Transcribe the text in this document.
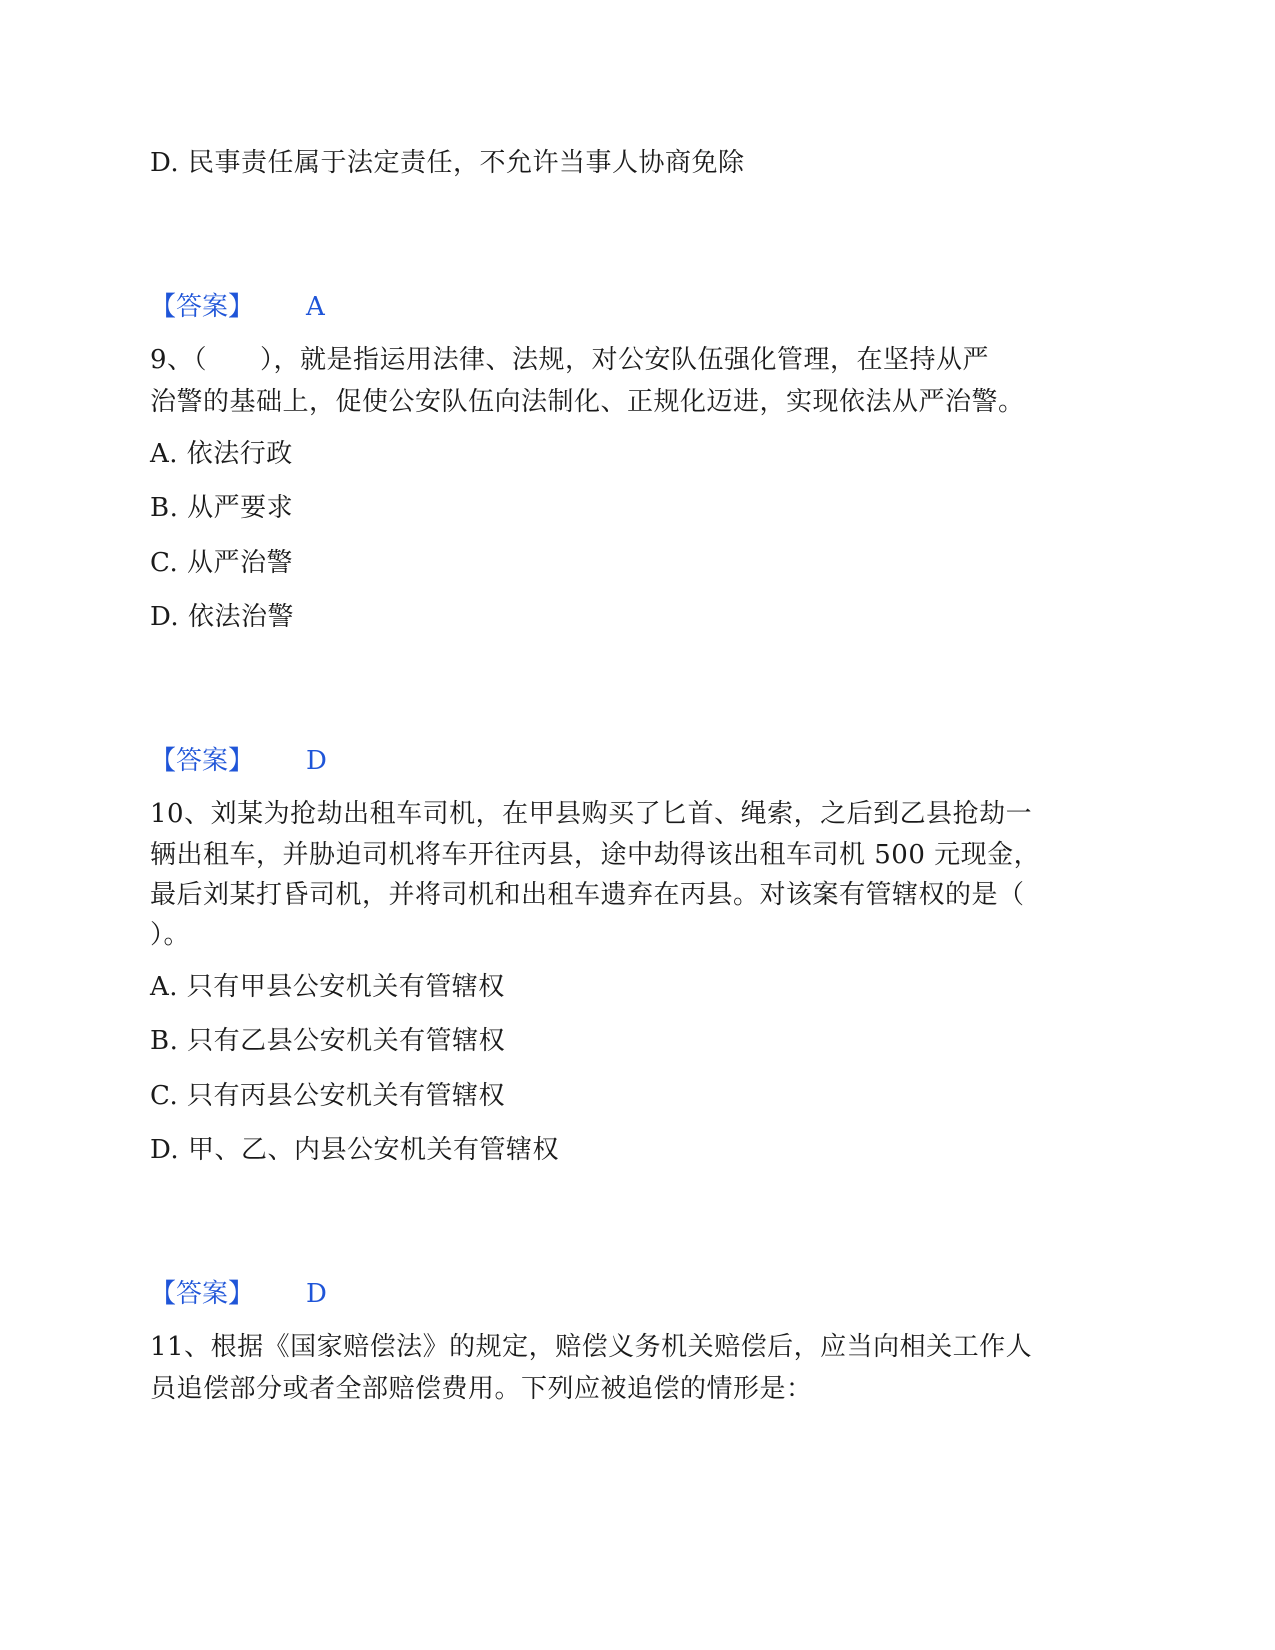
D. 民事责任属于法定责任，不允许当事人协商免除
【答案】 A
9、（　　），就是指运用法律、法规，对公安队伍强化管理，在坚持从严
治警的基础上，促使公安队伍向法制化、正规化迈进，实现依法从严治警。
A. 依法行政
B. 从严要求
C. 从严治警
D. 依法治警
【答案】 D
10、刘某为抢劫出租车司机，在甲县购买了匕首、绳索，之后到乙县抢劫一
辆出租车，并胁迫司机将车开往丙县，途中劫得该出租车司机 500 元现金，
最后刘某打昏司机，并将司机和出租车遗弃在丙县。对该案有管辖权的是（
）。
A. 只有甲县公安机关有管辖权
B. 只有乙县公安机关有管辖权
C. 只有丙县公安机关有管辖权
D. 甲、乙、内县公安机关有管辖权
【答案】 D
11、根据《国家赔偿法》的规定，赔偿义务机关赔偿后，应当向相关工作人
员追偿部分或者全部赔偿费用。下列应被追偿的情形是：
